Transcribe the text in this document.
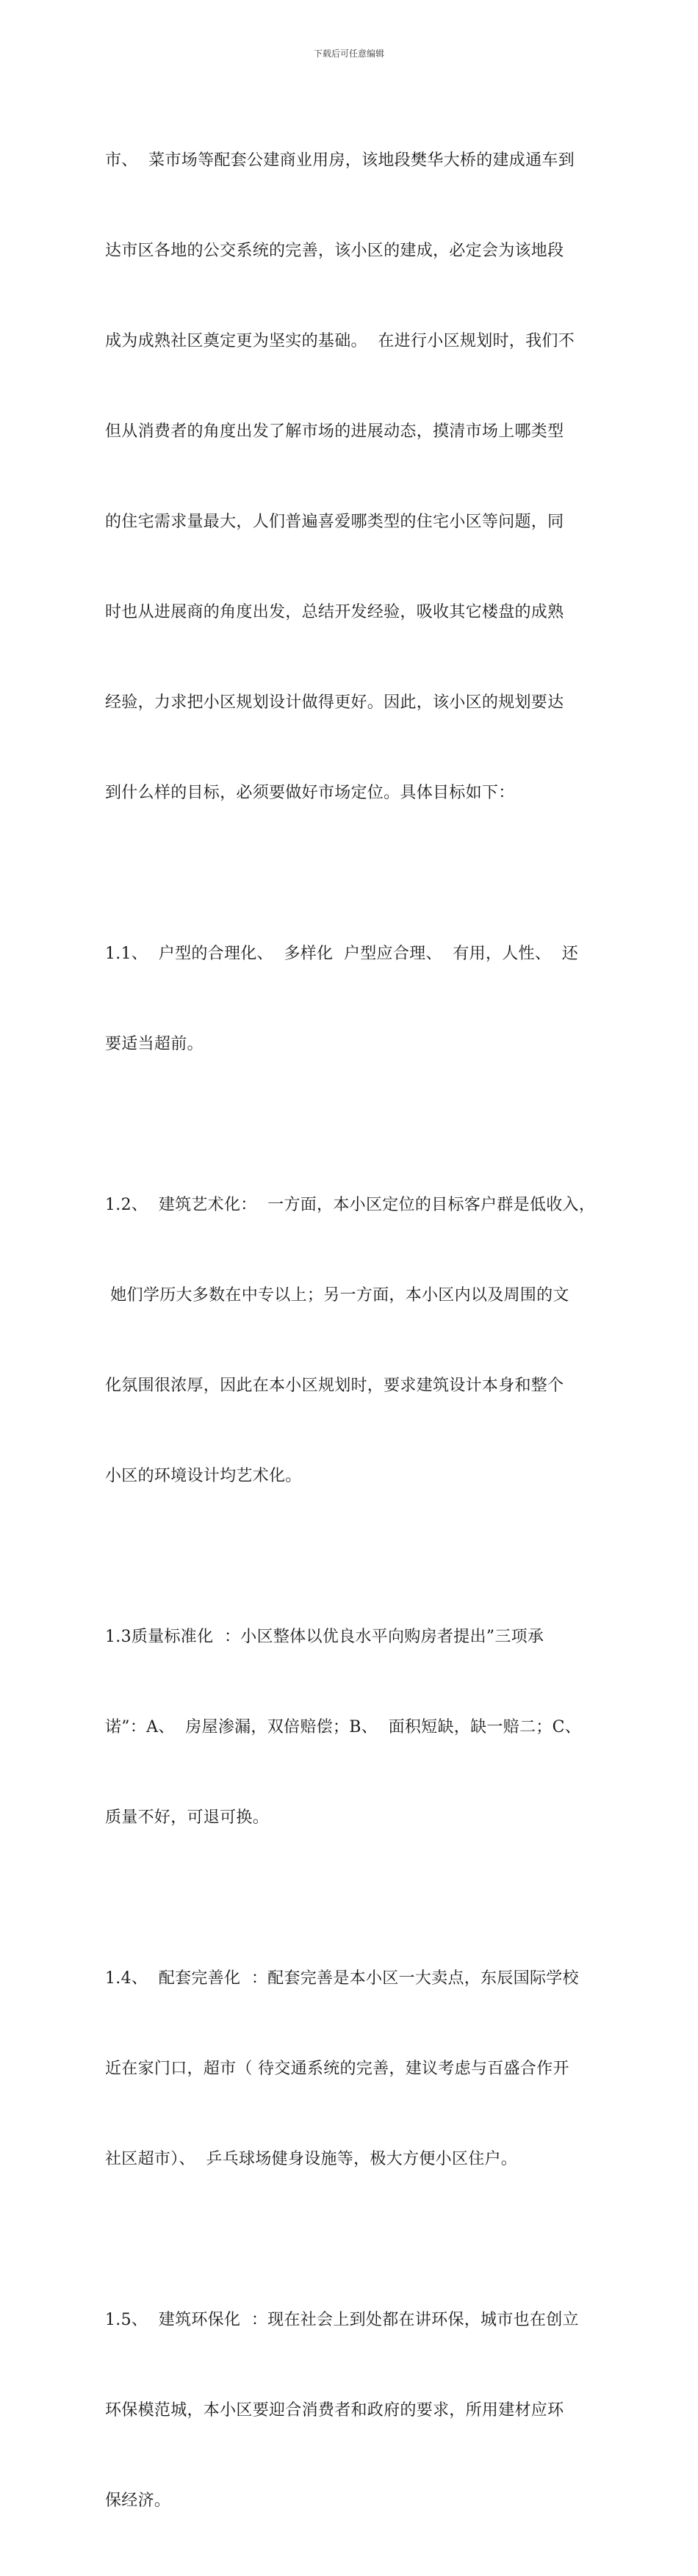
下载后可任意编辑

市、  菜市场等配套公建商业用房，该地段樊华大桥的建成通车到

达市区各地的公交系统的完善，该小区的建成，必定会为该地段

成为成熟社区奠定更为坚实的基础。  在进行小区规划时，我们不

但从消费者的角度出发了解市场的进展动态，摸清市场上哪类型

的住宅需求量最大，人们普遍喜爱哪类型的住宅小区等问题，同

时也从进展商的角度出发，总结开发经验，吸收其它楼盘的成熟

经验，力求把小区规划设计做得更好。因此，该小区的规划要达

到什么样的目标，必须要做好市场定位。具体目标如下：

1.1、  户型的合理化、  多样化  户型应合理、  有用，人性、  还

要适当超前。

1.2、  建筑艺术化：  一方面，本小区定位的目标客户群是低收入，

她们学历大多数在中专以上；另一方面，本小区内以及周围的文

化氛围很浓厚，因此在本小区规划时，要求建筑设计本身和整个

小区的环境设计均艺术化。

1.3质量标准化  ：小区整体以优良水平向购房者提出”三项承

诺”：A、  房屋渗漏，双倍赔偿；B、  面积短缺，缺一赔二；C、

质量不好，可退可换。

1.4、  配套完善化  ：配套完善是本小区一大卖点，东辰国际学校

近在家门口，超市（ 待交通系统的完善，建议考虑与百盛合作开

社区超市）、  乒乓球场健身设施等，极大方便小区住户。

1.5、  建筑环保化  ：现在社会上到处都在讲环保，城市也在创立

环保模范城，本小区要迎合消费者和政府的要求，所用建材应环

保经济。
